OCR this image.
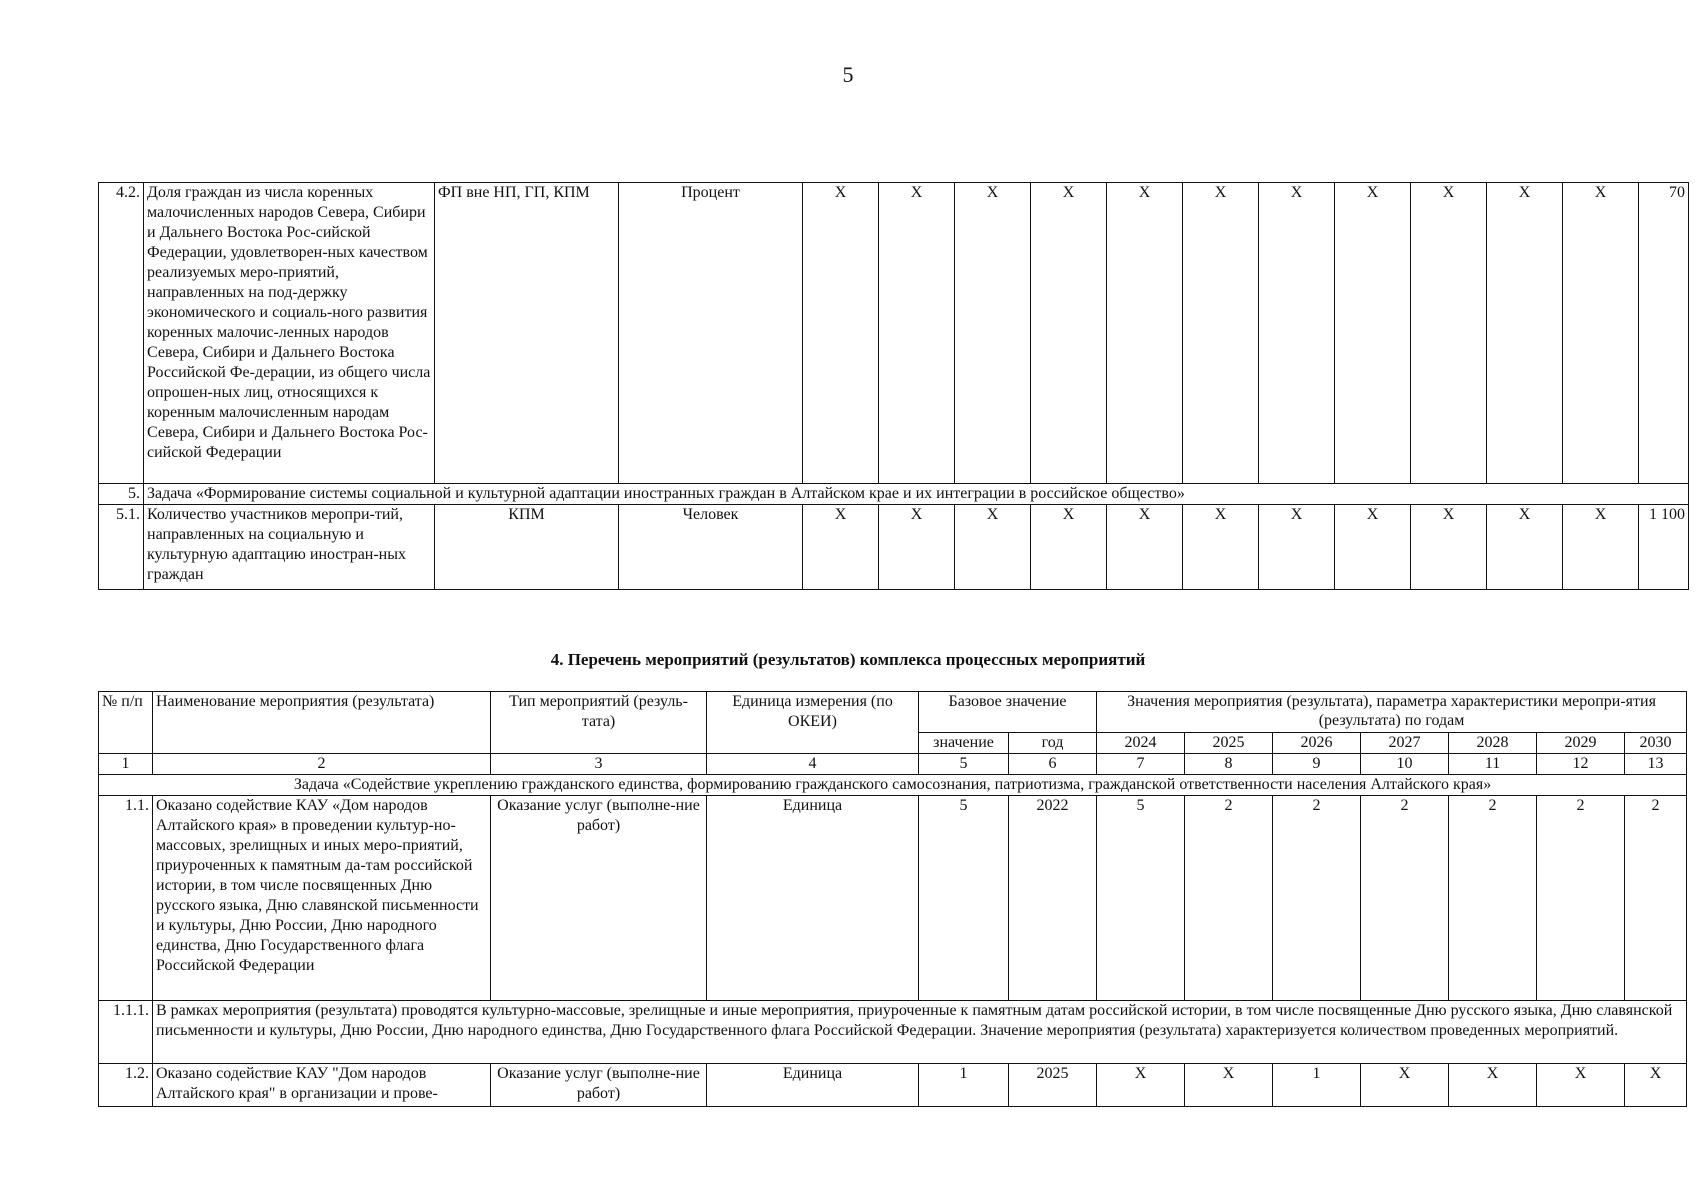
5
4.2.	Доля граждан из числа коренных малочисленных народов Севера, Сибири и Дальнего Востока Рос-сийской Федерации, удовлетворен-ных качеством реализуемых меро-приятий, направленных на под-держку экономического и социаль-ного развития коренных малочис-ленных народов Севера, Сибири и Дальнего Востока Российской Фе-дерации, из общего числа опрошен-ных лиц, относящихся к коренным малочисленным народам Севера, Сибири и Дальнего Востока Рос-сийской Федерации	ФП вне НП, ГП, КПМ	Процент	X	X	X	X	X	X	X	X	X	X	X	70
5.	Задача «Формирование системы социальной и культурной адаптации иностранных граждан в Алтайском крае и их интеграции в российское общество»														
5.1.	Количество участников меропри-тий, направленных на социальную и культурную адаптацию иностран-ных граждан	КПМ	Человек	X	X	X	X	X	X	X	X	X	X	X	1 100
4. Перечень мероприятий (результатов) комплекса процессных мероприятий
№ п/п	Наименование мероприятия (результата)	Тип мероприятий (резуль-тата)	Единица измерения (по ОКЕИ)	Базовое значение		Значения мероприятия (результата), параметра характеристики меропри-ятия (результата) по годам						
				значение	год	2024	2025	2026	2027	2028	2029	2030
1	2	3	4	5	6	7	8	9	10	11	12	13
Задача «Содействие укреплению гражданского единства, формированию гражданского самосознания, патриотизма, гражданской ответственности населения Алтайского края»												
1.1.	Оказано содействие КАУ «Дом народов Алтайского края» в проведении культур-но-массовых, зрелищных и иных меро-приятий, приуроченных к памятным да-там российской истории, в том числе посвященных Дню русского языка, Дню славянской письменности и культуры, Дню России, Дню народного единства, Дню Государственного флага Российской Федерации	Оказание услуг (выполне-ние работ)	Единица	5	2022	5	2	2	2	2	2	2
1.1.1.	В рамках мероприятия (результата) проводятся культурно-массовые, зрелищные и иные мероприятия, приуроченные к памятным датам российской истории, в том числе посвященные Дню русского языка, Дню славянской письменности и культуры, Дню России, Дню народного единства, Дню Государственного флага Российской Федерации. Значение мероприятия (результата) характеризуется количеством проведенных мероприятий.											
1.2.	Оказано содействие КАУ "Дом народов Алтайского края" в организации и прове-	Оказание услуг (выполне-ние работ)	Единица	1	2025	X	X	1	X	X	X	X
